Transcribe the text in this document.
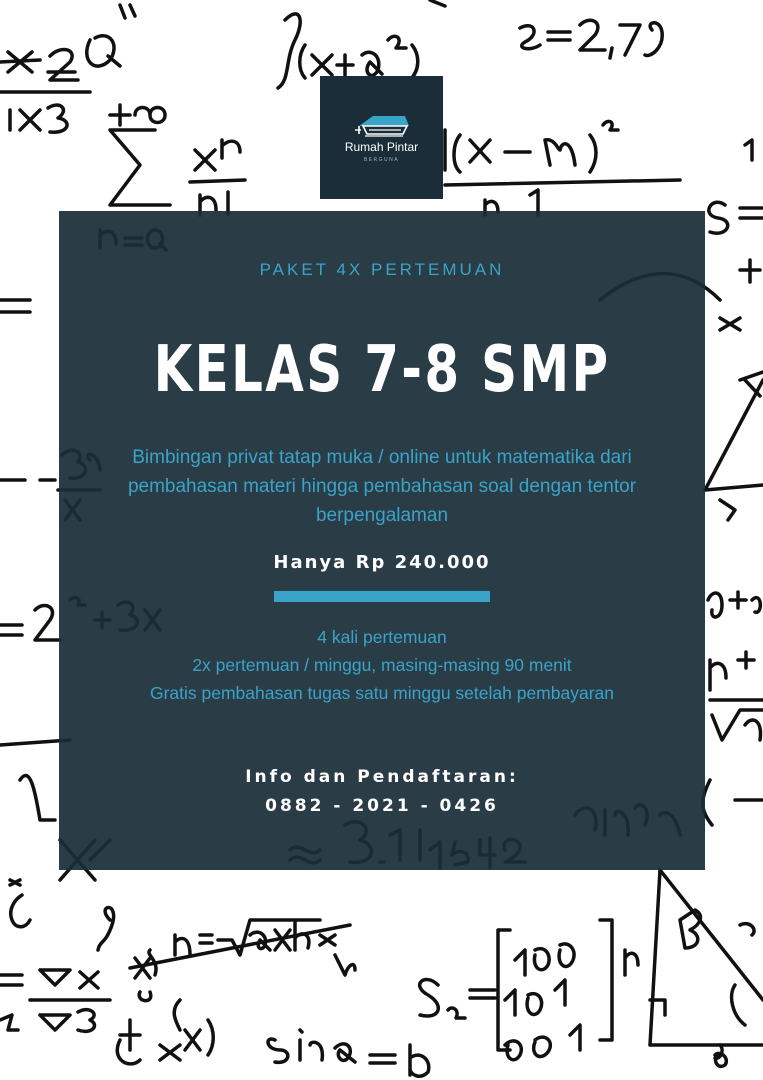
Rumah Pintar
BERGUNA
PAKET 4X PERTEMUAN
KELAS 7-8 SMP
Bimbingan privat tatap muka / online untuk matematika dari pembahasan materi hingga pembahasan soal dengan tentor berpengalaman
Hanya Rp 240.000
4 kali pertemuan
2x pertemuan / minggu, masing-masing 90 menit
Gratis pembahasan tugas satu minggu setelah pembayaran
Info dan Pendaftaran:
0882 - 2021 - 0426
